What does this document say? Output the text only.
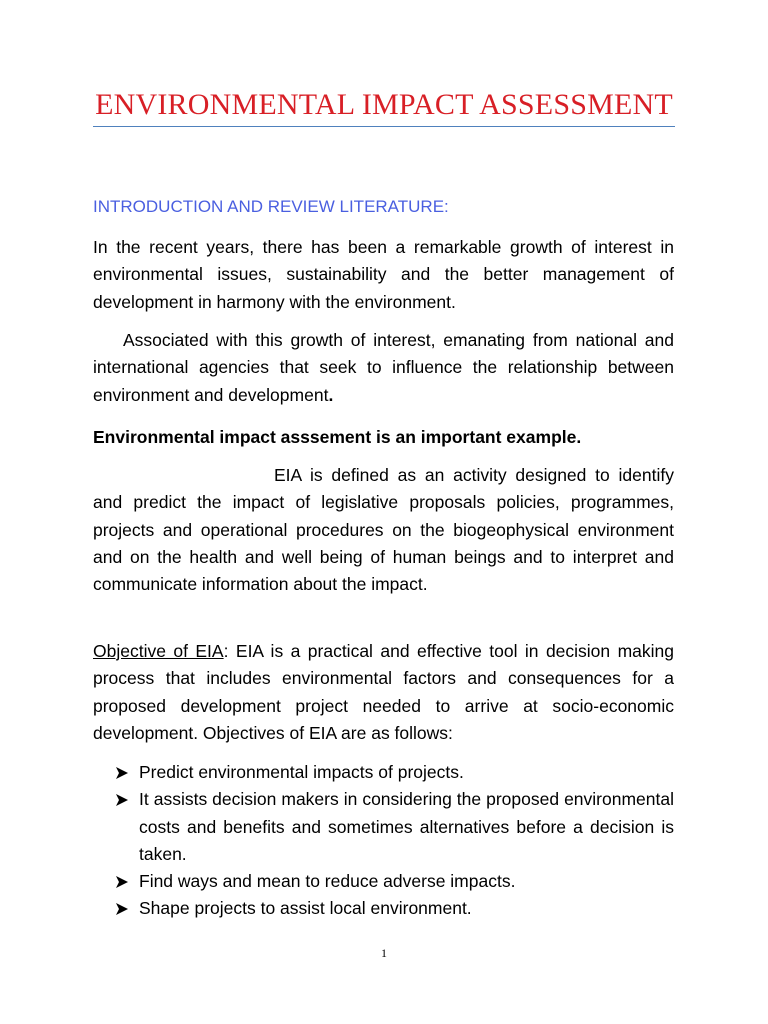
ENVIRONMENTAL IMPACT ASSESSMENT
INTRODUCTION AND REVIEW LITERATURE:
In the recent years, there has been a remarkable growth of interest in environmental issues, sustainability and the better management of development in harmony with the environment.
Associated with this growth of interest, emanating from national and international agencies that seek to influence the relationship between environment and development.
Environmental impact asssement is an important example.
EIA is defined as an activity designed to identify and predict the impact of legislative proposals policies, programmes, projects and operational procedures on the biogeophysical environment and on the health and well being of human beings and to interpret and communicate information about the impact.
Objective of EIA: EIA is a practical and effective tool in decision making process that includes environmental factors and consequences for a proposed development project needed to arrive at socio-economic development. Objectives of EIA are as follows:
Predict environmental impacts of projects.
It assists decision makers in considering the proposed environmental costs and benefits and sometimes alternatives before a decision is taken.
Find ways and mean to reduce adverse impacts.
Shape projects to assist local environment.
1
